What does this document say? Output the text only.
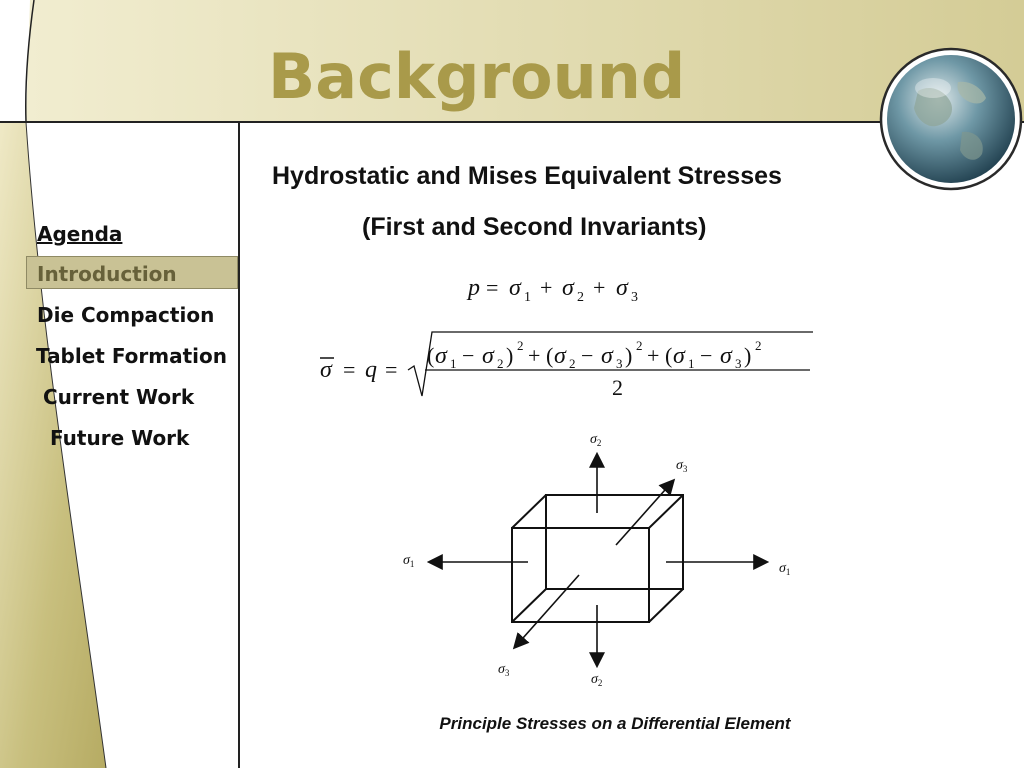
Background
Agenda
Introduction
Die Compaction
Tablet Formation
Current Work
Future Work
Hydrostatic and Mises Equivalent Stresses
(First and Second Invariants)
p = σ 1 + σ 2 + σ 3
σ = q =
( σ 1 − σ 2 ) 2 + ( σ 2 − σ 3 ) 2 + ( σ 1 − σ 3 ) 2
2
$\sigma_2$
$\sigma_3$
$\sigma_1$	$\sigma_1$
$\sigma_3$	$\sigma_2$
Principle Stresses on a Differential Element
